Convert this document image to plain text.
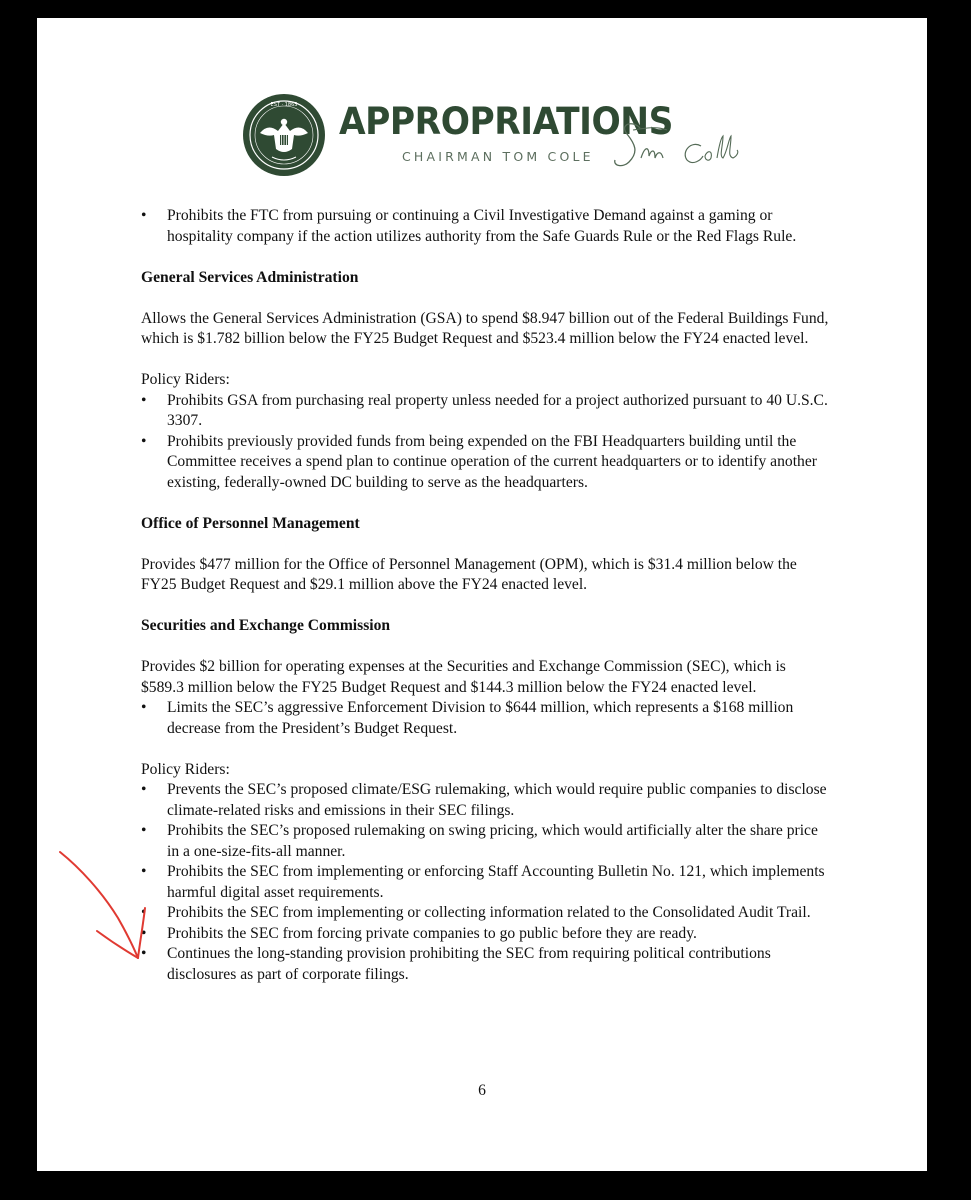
EST · 1865 APPROPRIATIONS
CHAIRMAN TOM COLE
• Prohibits the FTC from pursuing or continuing a Civil Investigative Demand against a gaming or hospitality company if the action utilizes authority from the Safe Guards Rule or the Red Flags Rule.
General Services Administration

Allows the General Services Administration (GSA) to spend $8.947 billion out of the Federal Buildings Fund, which is $1.782 billion below the FY25 Budget Request and $523.4 million below the FY24 enacted level.

Policy Riders:

• Prohibits GSA from purchasing real property unless needed for a project authorized pursuant to 40 U.S.C. 3307.
• Prohibits previously provided funds from being expended on the FBI Headquarters building until the Committee receives a spend plan to continue operation of the current headquarters or to identify another existing, federally-owned DC building to serve as the headquarters.
Office of Personnel Management

Provides $477 million for the Office of Personnel Management (OPM), which is $31.4 million below the FY25 Budget Request and $29.1 million above the FY24 enacted level.

Securities and Exchange Commission

Provides $2 billion for operating expenses at the Securities and Exchange Commission (SEC), which is $589.3 million below the FY25 Budget Request and $144.3 million below the FY24 enacted level.

• Limits the SEC’s aggressive Enforcement Division to $644 million, which represents a $168 million decrease from the President’s Budget Request.

Policy Riders:

• Prevents the SEC’s proposed climate/ESG rulemaking, which would require public companies to disclose climate-related risks and emissions in their SEC filings.
• Prohibits the SEC’s proposed rulemaking on swing pricing, which would artificially alter the share price in a one-size-fits-all manner.
• Prohibits the SEC from implementing or enforcing Staff Accounting Bulletin No. 121, which implements harmful digital asset requirements.
• Prohibits the SEC from implementing or collecting information related to the Consolidated Audit Trail.
• Prohibits the SEC from forcing private companies to go public before they are ready.
• Continues the long-standing provision prohibiting the SEC from requiring political contributions disclosures as part of corporate filings.
6
